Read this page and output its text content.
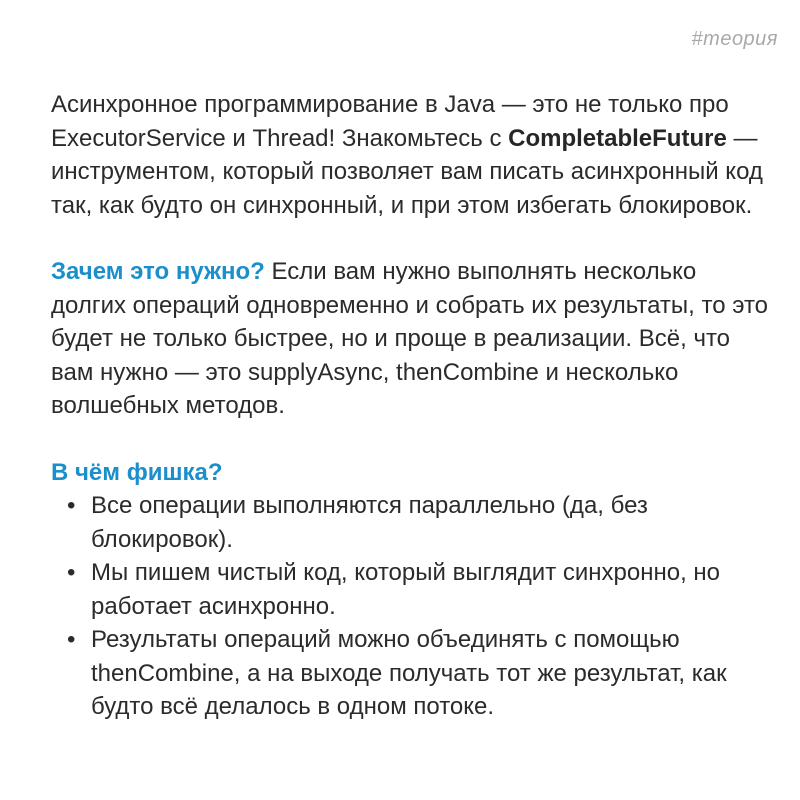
#теория

Асинхронное программирование в Java — это не только про ExecutorService и Thread! Знакомьтесь с CompletableFuture — инструментом, который позволяет вам писать асинхронный код так, как будто он синхронный, и при этом избегать блокировок.

Зачем это нужно? Если вам нужно выполнять несколько долгих операций одновременно и собрать их результаты, то это будет не только быстрее, но и проще в реализации. Всё, что вам нужно — это supplyAsync, thenCombine и несколько волшебных методов.

В чём фишка?

• Все операции выполняются параллельно (да, без блокировок).
• Мы пишем чистый код, который выглядит синхронно, но работает асинхронно.
• Результаты операций можно объединять с помощью thenCombine, а на выходе получать тот же результат, как будто всё делалось в одном потоке.
